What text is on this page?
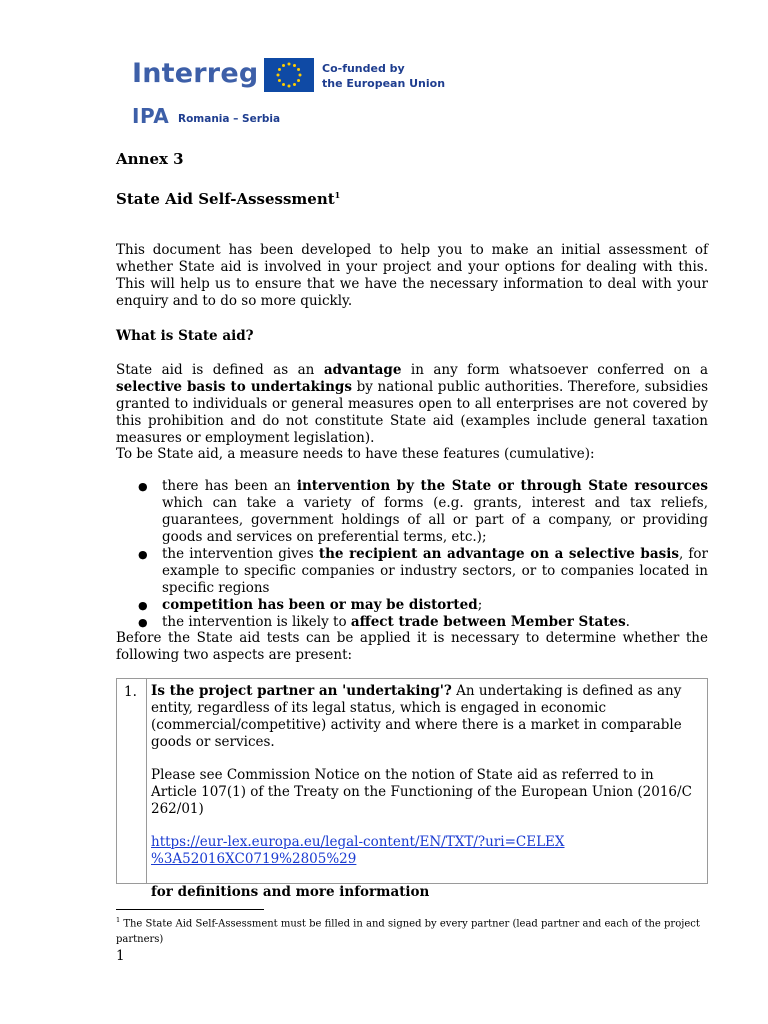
Interreg	Co-funded by
the European Union
IPA Romania – Serbia
Annex 3
State Aid Self-Assessment$^1$

This document has been developed to help you to make an initial assessment of whether State aid is involved in your project and your options for dealing with this. This will help us to ensure that we have the necessary information to deal with your enquiry and to do so more quickly.

What is State aid?

State aid is defined as an advantage in any form whatsoever conferred on a selective basis to undertakings by national public authorities. Therefore, subsidies granted to individuals or general measures open to all enterprises are not covered by this prohibition and do not constitute State aid (examples include general taxation measures or employment legislation).

To be State aid, a measure needs to have these features (cumulative):

● there has been an intervention by the State or through State resources which can take a variety of forms (e.g. grants, interest and tax reliefs, guarantees, government holdings of all or part of a company, or providing goods and services on preferential terms, etc.);
● the intervention gives the recipient an advantage on a selective basis, for example to specific companies or industry sectors, or to companies located in specific regions
● competition has been or may be distorted;
● the intervention is likely to affect trade between Member States.

Before the State aid tests can be applied it is necessary to determine whether the following two aspects are present:

1. Is the project partner an 'undertaking'? An undertaking is defined as any entity, regardless of its legal status, which is engaged in economic (commercial/competitive) activity and where there is a market in comparable goods or services.

Please see Commission Notice on the notion of State aid as referred to in Article 107(1) of the Treaty on the Functioning of the European Union (2016/C 262/01)

https://eur-lex.europa.eu/legal-content/EN/TXT/?uri=CELEX
%3A52016XC0719%2805%29

for definitions and more information

$^1$ The State Aid Self-Assessment must be filled in and signed by every partner (lead partner and each of the project partners)
1
